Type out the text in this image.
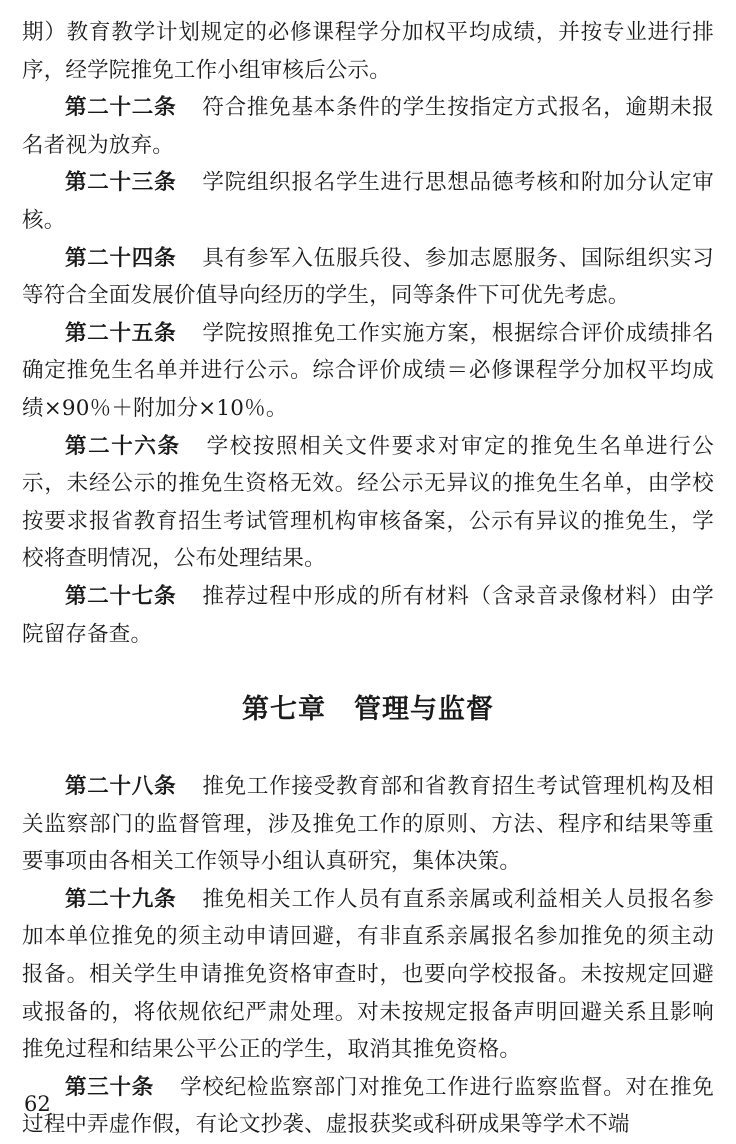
期）教育教学计划规定的必修课程学分加权平均成绩，并按专业进行排序，经学院推免工作小组审核后公示。

第二十二条 符合推免基本条件的学生按指定方式报名，逾期未报名者视为放弃。

第二十三条 学院组织报名学生进行思想品德考核和附加分认定审核。

第二十四条 具有参军入伍服兵役、参加志愿服务、国际组织实习等符合全面发展价值导向经历的学生，同等条件下可优先考虑。

第二十五条 学院按照推免工作实施方案，根据综合评价成绩排名确定推免生名单并进行公示。综合评价成绩＝必修课程学分加权平均成绩×90％＋附加分×10％。

第二十六条 学校按照相关文件要求对审定的推免生名单进行公示，未经公示的推免生资格无效。经公示无异议的推免生名单，由学校按要求报省教育招生考试管理机构审核备案，公示有异议的推免生，学校将查明情况，公布处理结果。

第二十七条 推荐过程中形成的所有材料（含录音录像材料）由学院留存备查。

第七章 管理与监督

第二十八条 推免工作接受教育部和省教育招生考试管理机构及相关监察部门的监督管理，涉及推免工作的原则、方法、程序和结果等重要事项由各相关工作领导小组认真研究，集体决策。

第二十九条 推免相关工作人员有直系亲属或利益相关人员报名参加本单位推免的须主动申请回避，有非直系亲属报名参加推免的须主动报备。相关学生申请推免资格审查时，也要向学校报备。未按规定回避或报备的，将依规依纪严肃处理。对未按规定报备声明回避关系且影响推免过程和结果公平公正的学生，取消其推免资格。

第三十条 学校纪检监察部门对推免工作进行监察监督。对在推免过程中弄虚作假，有论文抄袭、虚报获奖或科研成果等学术不端

62
